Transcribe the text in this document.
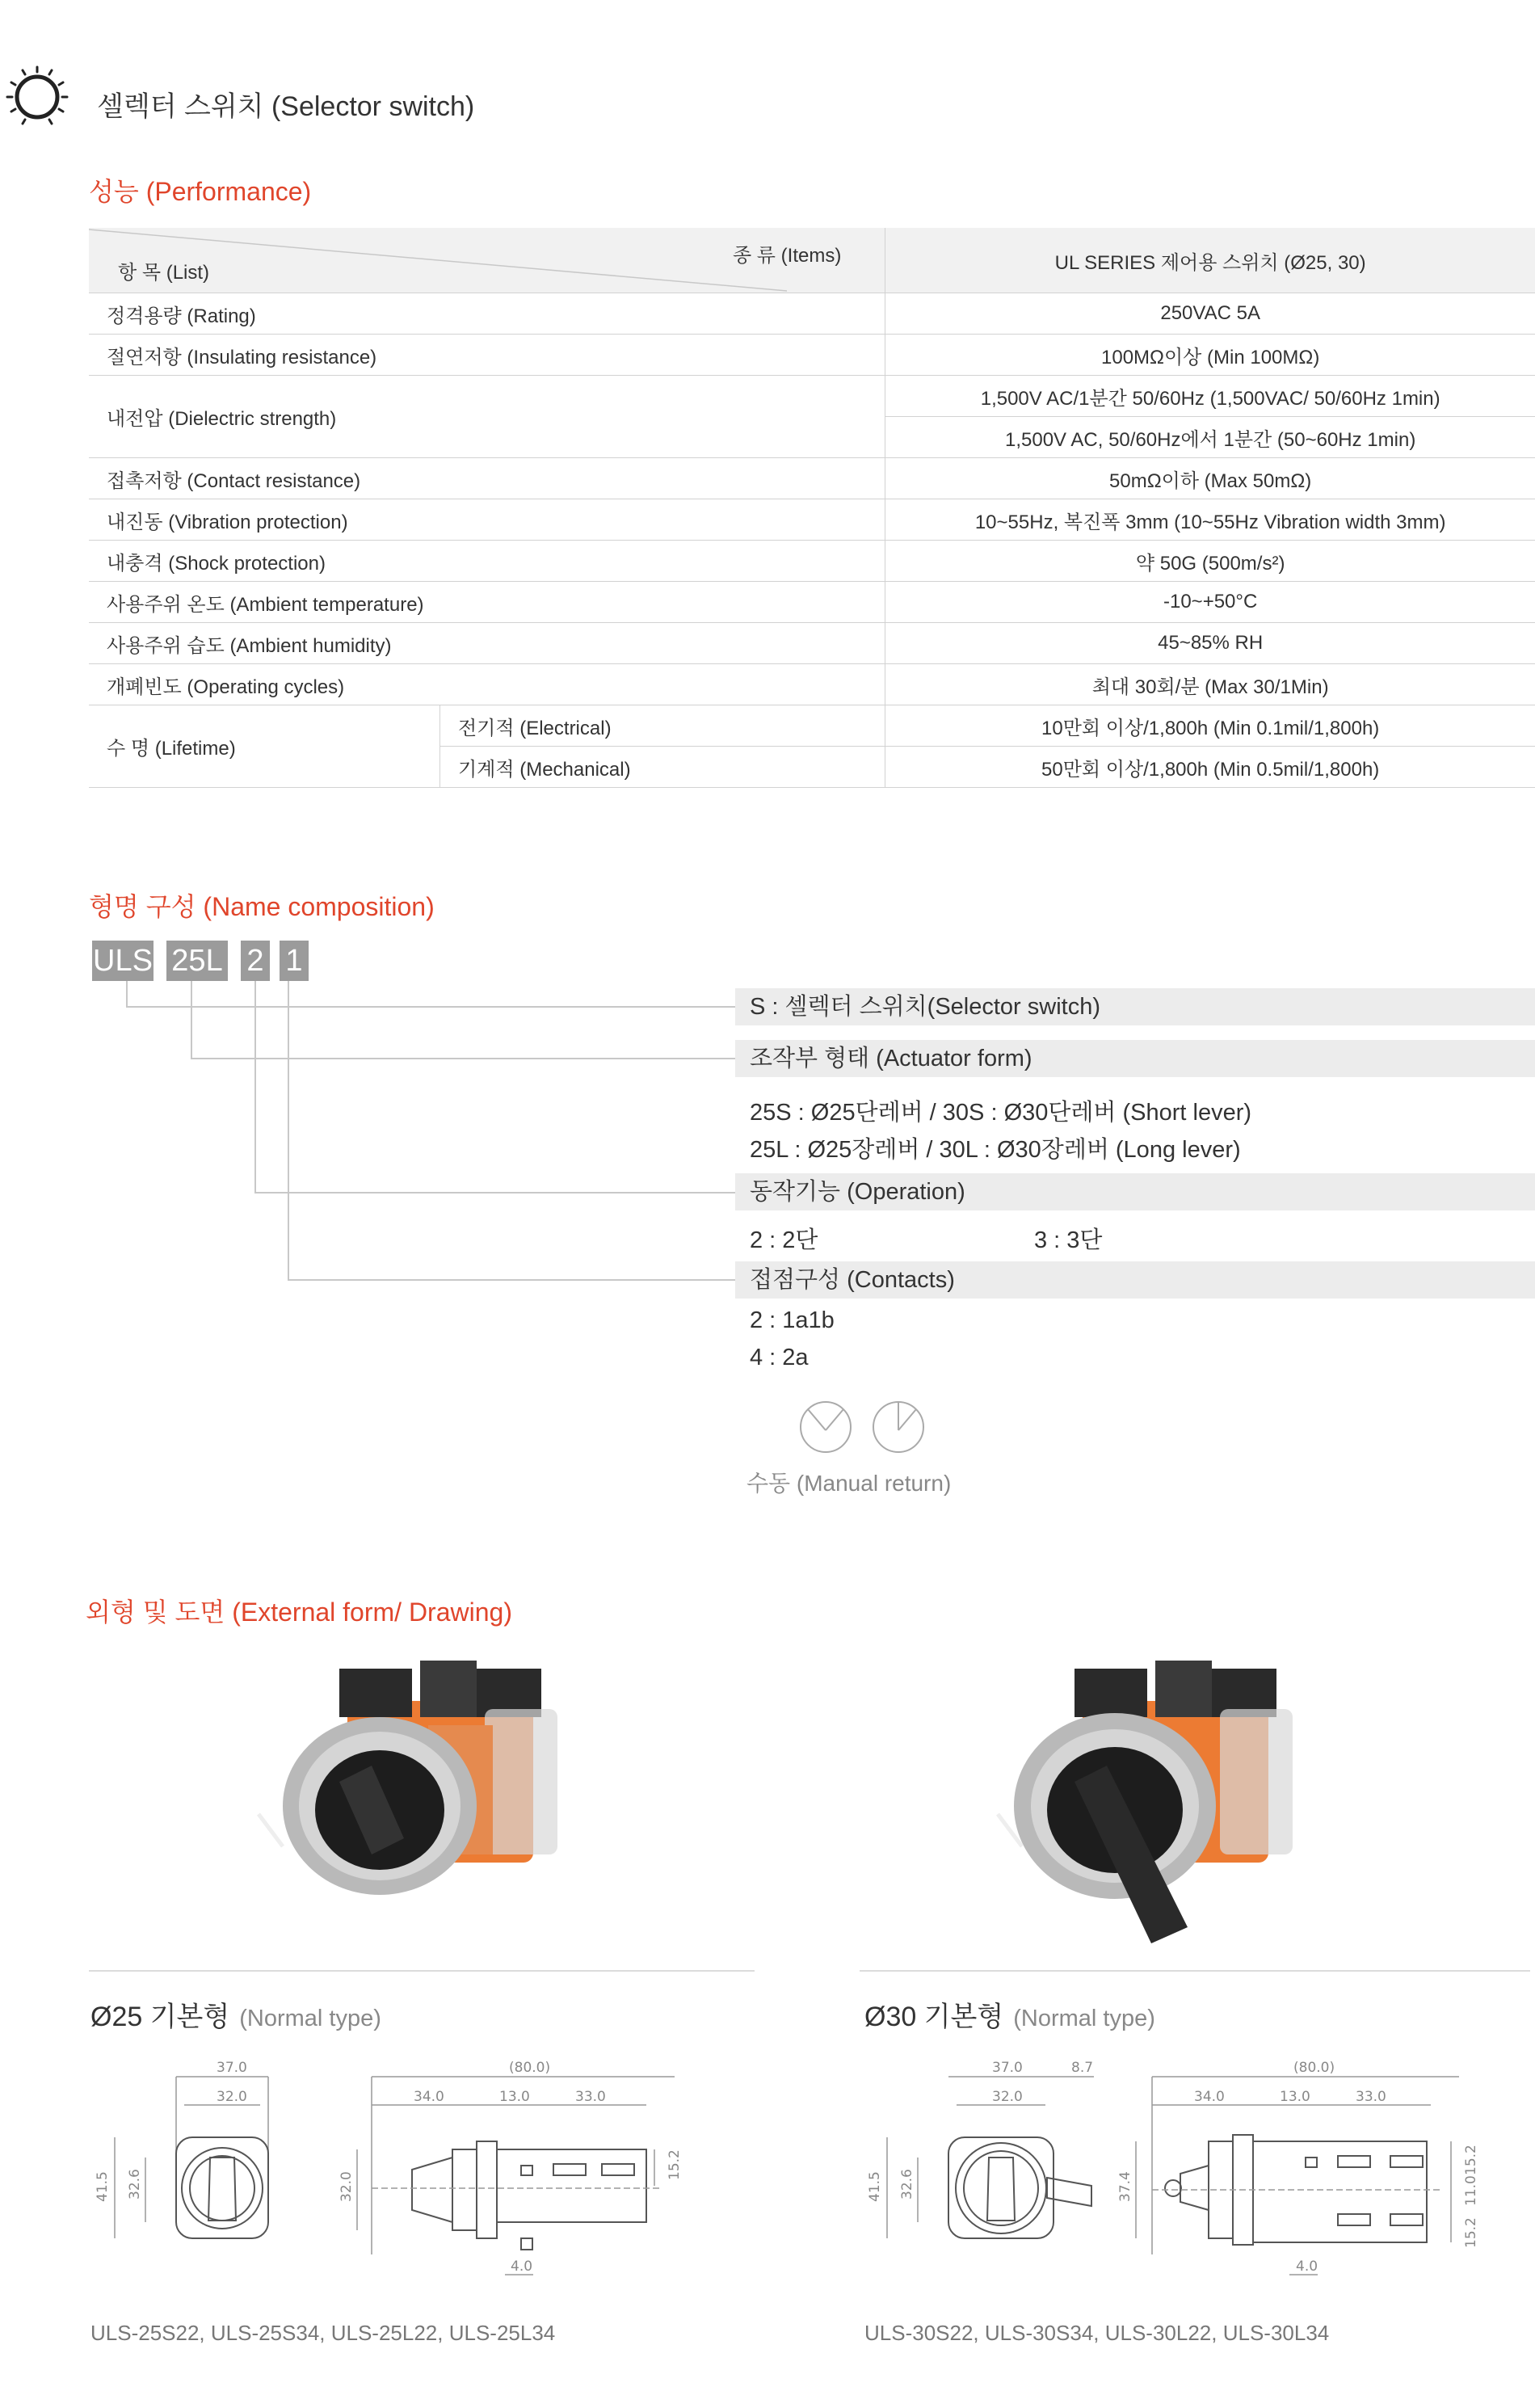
셀렉터 스위치 (Selector switch)
성능 (Performance)
종 류 (Items)
항 목 (List)		UL SERIES 제어용 스위치 (Ø25, 30)
정격용량 (Rating)		250VAC 5A
절연저항 (Insulating resistance)		100MΩ이상 (Min 100MΩ)
내전압 (Dielectric strength)		1,500V AC/1분간 50/60Hz (1,500VAC/ 50/60Hz 1min)
		1,500V AC, 50/60Hz에서 1분간 (50~60Hz 1min)
접촉저항 (Contact resistance)		50mΩ이하 (Max 50mΩ)
내진동 (Vibration protection)		10~55Hz, 복진폭 3mm (10~55Hz Vibration width 3mm)
내충격 (Shock protection)		약 50G (500m/s²)
사용주위 온도 (Ambient temperature)		-10~+50°C
사용주위 습도 (Ambient humidity)		45~85% RH
개폐빈도 (Operating cycles)		최대 30회/분 (Max 30/1Min)
수 명 (Lifetime)	전기적 (Electrical)	10만회 이상/1,800h (Min 0.1mil/1,800h)
	기계적 (Mechanical)	50만회 이상/1,800h (Min 0.5mil/1,800h)
형명 구성 (Name composition)
ULS 25L 2 1
S : 셀렉터 스위치(Selector switch)
조작부 형태 (Actuator form)
25S : Ø25단레버 / 30S : Ø30단레버 (Short lever)
25L : Ø25장레버 / 30L : Ø30장레버 (Long lever)
동작기능 (Operation)
2 : 2단	3 : 3단
접점구성 (Contacts)
2 : 1a1b
4 : 2a
수동 (Manual return)
외형 및 도면 (External form/ Drawing)
Ø25 기본형 (Normal type)	Ø30 기본형 (Normal type)
37.0
32.0
41.5 32.6
(80.0)
34.0	13.0	33.0
32.0
15.2
4.0
37.0	8.7
32.0
41.5 32.6
(80.0)
34.0	13.0	33.0
37.4
15.2
11.0
15.2
4.0
ULS-25S22, ULS-25S34, ULS-25L22, ULS-25L34	ULS-30S22, ULS-30S34, ULS-30L22, ULS-30L34
